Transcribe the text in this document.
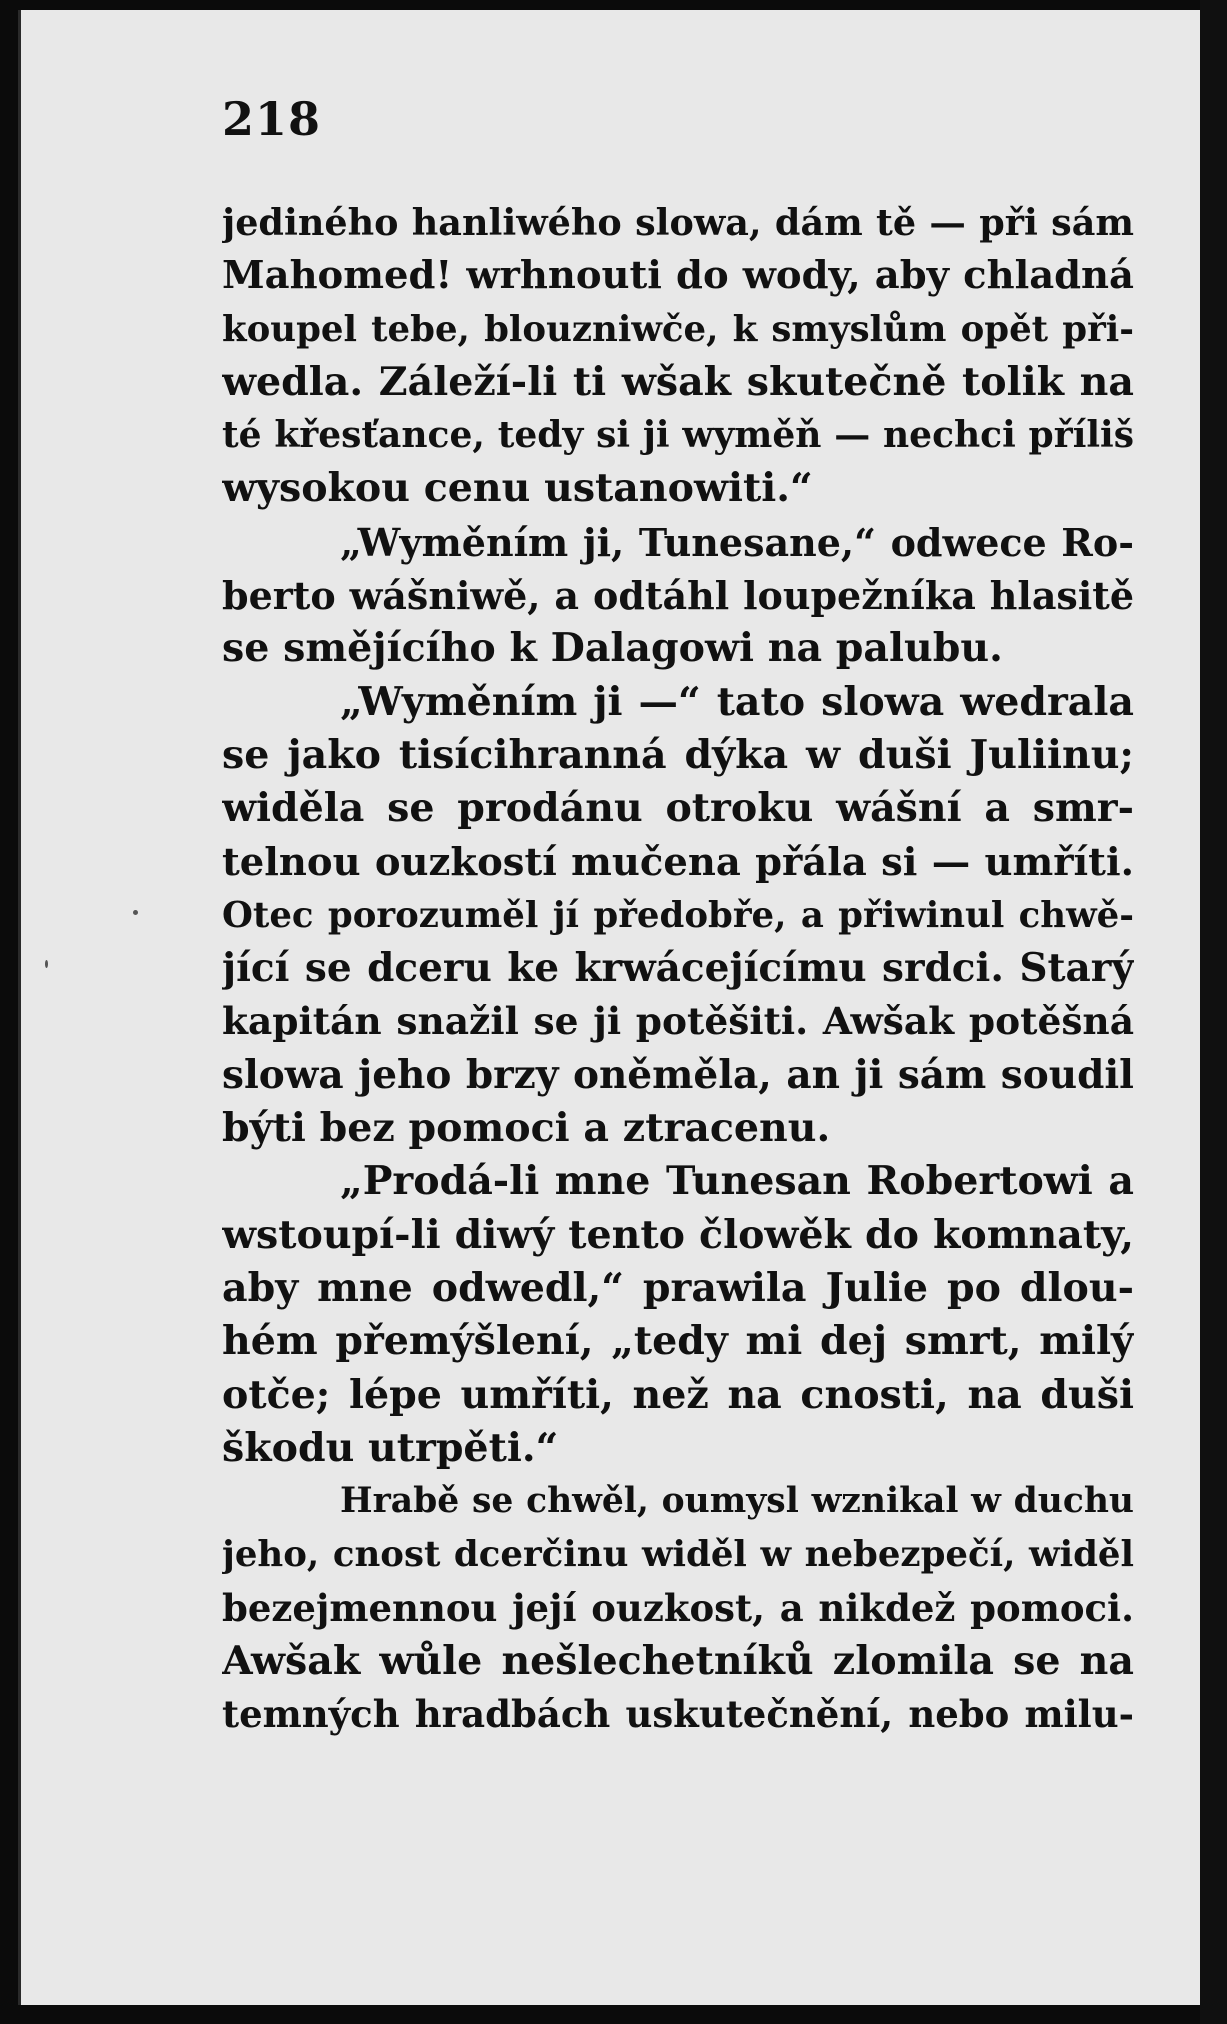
218
jediného hanliwého slowa, dám tě — při sám
Mahomed! wrhnouti do wody, aby chladná
koupel tebe, blouzniwče, k smyslům opět při-
wedla. Záleží-li ti wšak skutečně tolik na
té křesťance, tedy si ji wyměň — nechci příliš
wysokou cenu ustanowiti.“
„Wyměním ji, Tunesane,“ odwece Ro-
berto wášniwě, a odtáhl loupežníka hlasitě
se smějícího k Dalagowi na palubu.
„Wyměním ji —“ tato slowa wedrala
se jako tisícihranná dýka w duši Juliinu;
widěla se prodánu otroku wášní a smr-
telnou ouzkostí mučena přála si — umříti.
Otec porozuměl jí předobře, a přiwinul chwě-
jící se dceru ke krwácejícímu srdci. Starý
kapitán snažil se ji potěšiti. Awšak potěšná
slowa jeho brzy oněměla, an ji sám soudil
býti bez pomoci a ztracenu.
„Prodá-li mne Tunesan Robertowi a
wstoupí-li diwý tento člowěk do komnaty,
aby mne odwedl,“ prawila Julie po dlou-
hém přemýšlení, „tedy mi dej smrt, milý
otče; lépe umříti, než na cnosti, na duši
škodu utrpěti.“
Hrabě se chwěl, oumysl wznikal w duchu
jeho, cnost dcerčinu widěl w nebezpečí, widěl
bezejmennou její ouzkost, a nikdež pomoci.
Awšak wůle nešlechetníků zlomila se na
temných hradbách uskutečnění, nebo milu-
